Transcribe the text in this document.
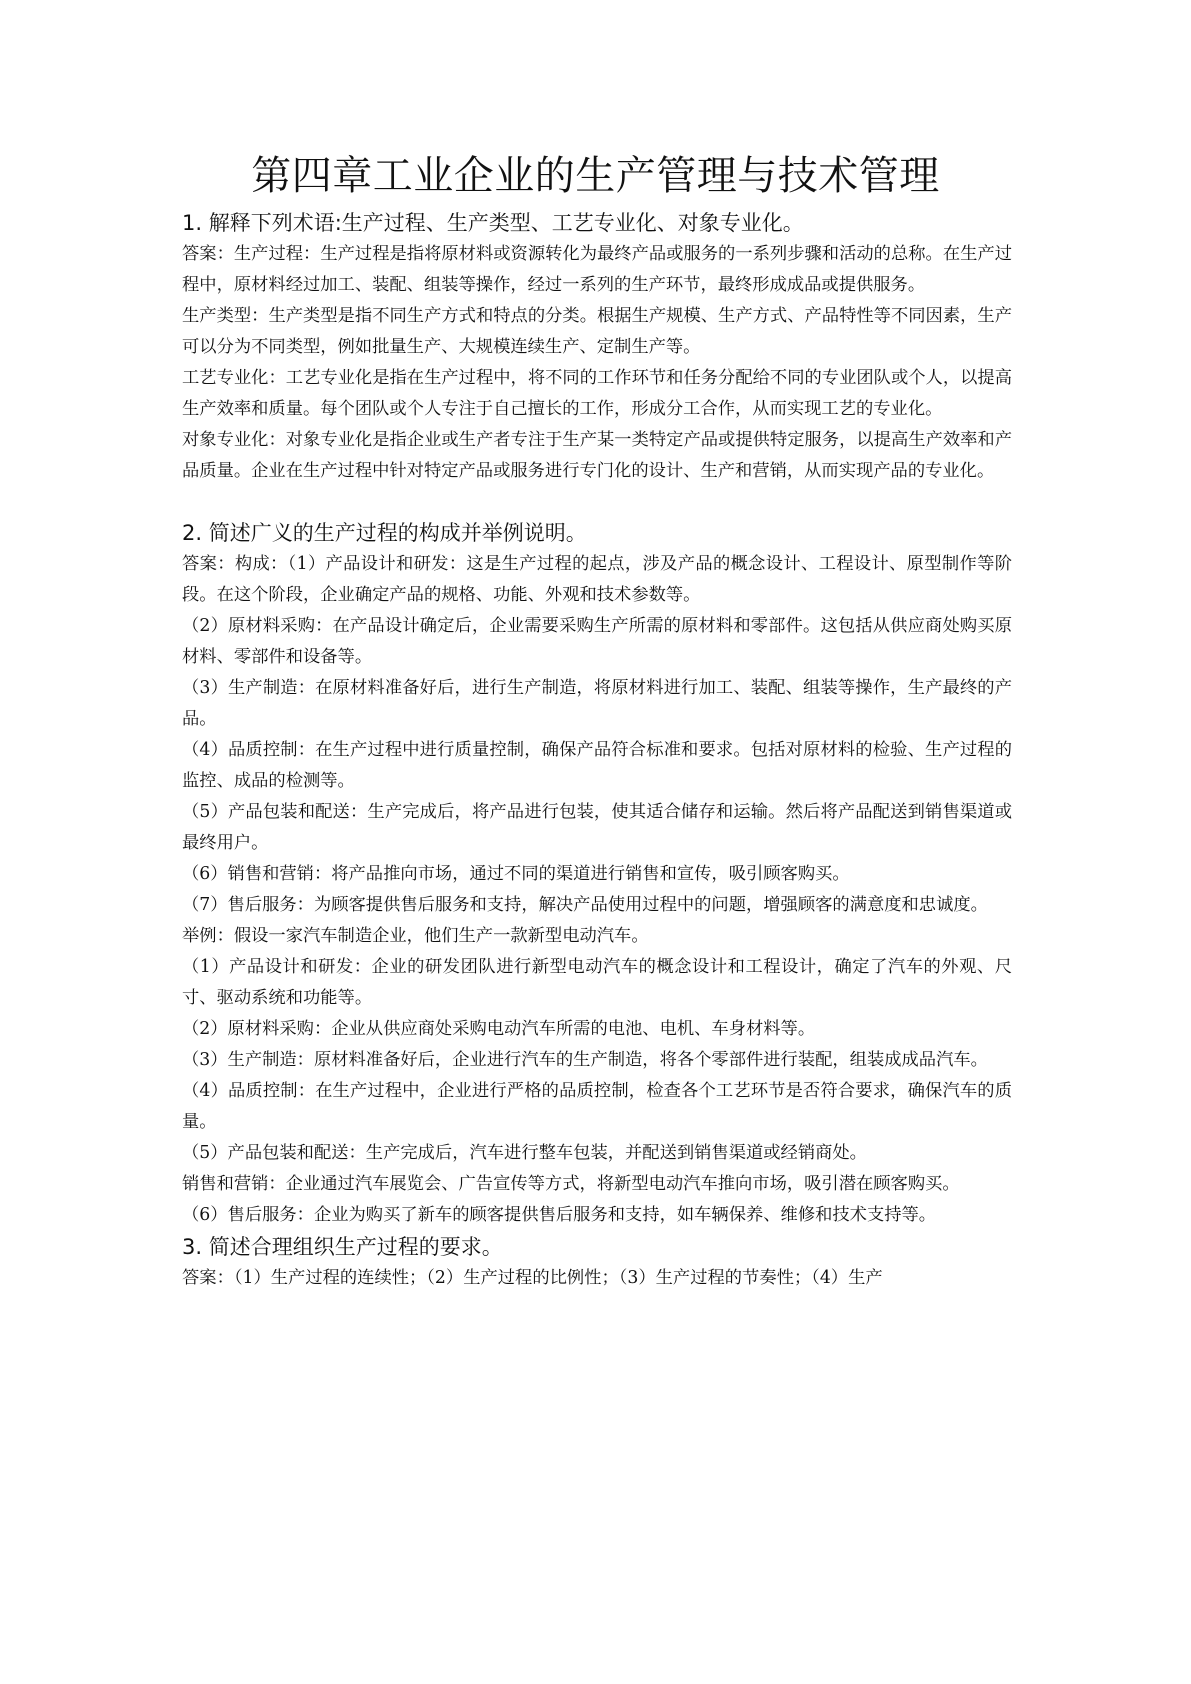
第四章工业企业的生产管理与技术管理
1. 解释下列术语:生产过程、生产类型、工艺专业化、对象专业化。

答案：生产过程：生产过程是指将原材料或资源转化为最终产品或服务的一系列步骤和活动的总称。在生产过程中，原材料经过加工、装配、组装等操作，经过一系列的生产环节，最终形成成品或提供服务。

生产类型：生产类型是指不同生产方式和特点的分类。根据生产规模、生产方式、产品特性等不同因素，生产可以分为不同类型，例如批量生产、大规模连续生产、定制生产等。

工艺专业化：工艺专业化是指在生产过程中，将不同的工作环节和任务分配给不同的专业团队或个人，以提高生产效率和质量。每个团队或个人专注于自己擅长的工作，形成分工合作，从而实现工艺的专业化。

对象专业化：对象专业化是指企业或生产者专注于生产某一类特定产品或提供特定服务，以提高生产效率和产品质量。企业在生产过程中针对特定产品或服务进行专门化的设计、生产和营销，从而实现产品的专业化。

2. 简述广义的生产过程的构成并举例说明。

答案：构成：（1）产品设计和研发：这是生产过程的起点，涉及产品的概念设计、工程设计、原型制作等阶段。在这个阶段，企业确定产品的规格、功能、外观和技术参数等。

（2）原材料采购：在产品设计确定后，企业需要采购生产所需的原材料和零部件。这包括从供应商处购买原材料、零部件和设备等。

（3）生产制造：在原材料准备好后，进行生产制造，将原材料进行加工、装配、组装等操作，生产最终的产品。

（4）品质控制：在生产过程中进行质量控制，确保产品符合标准和要求。包括对原材料的检验、生产过程的监控、成品的检测等。

（5）产品包装和配送：生产完成后，将产品进行包装，使其适合储存和运输。然后将产品配送到销售渠道或最终用户。

（6）销售和营销：将产品推向市场，通过不同的渠道进行销售和宣传，吸引顾客购买。

（7）售后服务：为顾客提供售后服务和支持，解决产品使用过程中的问题，增强顾客的满意度和忠诚度。

举例：假设一家汽车制造企业，他们生产一款新型电动汽车。

（1）产品设计和研发：企业的研发团队进行新型电动汽车的概念设计和工程设计，确定了汽车的外观、尺寸、驱动系统和功能等。

（2）原材料采购：企业从供应商处采购电动汽车所需的电池、电机、车身材料等。

（3）生产制造：原材料准备好后，企业进行汽车的生产制造，将各个零部件进行装配，组装成成品汽车。

（4）品质控制：在生产过程中，企业进行严格的品质控制，检查各个工艺环节是否符合要求，确保汽车的质量。

（5）产品包装和配送：生产完成后，汽车进行整车包装，并配送到销售渠道或经销商处。

销售和营销：企业通过汽车展览会、广告宣传等方式，将新型电动汽车推向市场，吸引潜在顾客购买。

（6）售后服务：企业为购买了新车的顾客提供售后服务和支持，如车辆保养、维修和技术支持等。

3. 简述合理组织生产过程的要求。

答案：（1）生产过程的连续性；（2）生产过程的比例性；（3）生产过程的节奏性；（4）生产
